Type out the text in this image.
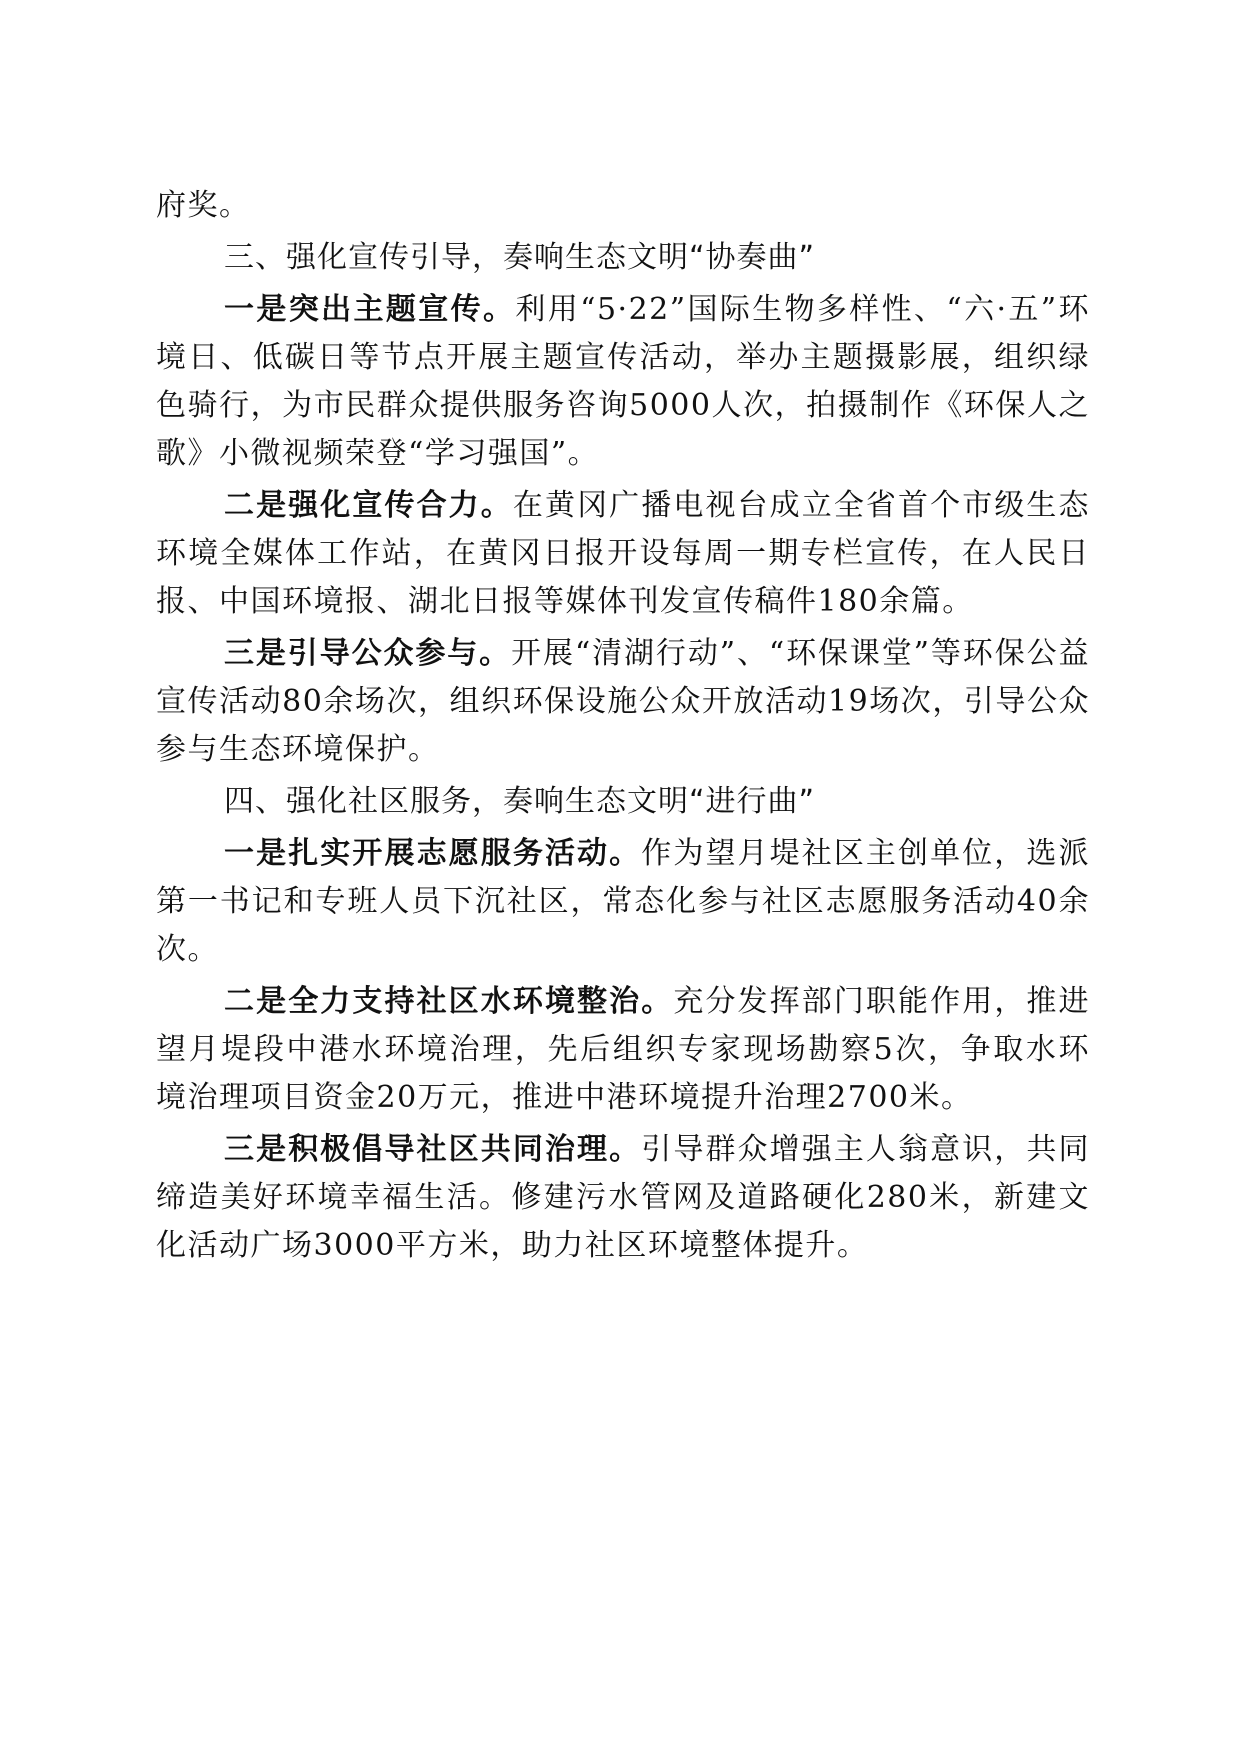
府奖。

三、强化宣传引导，奏响生态文明“协奏曲”

一是突出主题宣传。利用“5·22”国际生物多样性、“六·五”环境日、低碳日等节点开展主题宣传活动，举办主题摄影展，组织绿色骑行，为市民群众提供服务咨询5000人次，拍摄制作《环保人之歌》小微视频荣登“学习强国”。

二是强化宣传合力。在黄冈广播电视台成立全省首个市级生态环境全媒体工作站，在黄冈日报开设每周一期专栏宣传，在人民日报、中国环境报、湖北日报等媒体刊发宣传稿件180余篇。

三是引导公众参与。开展“清湖行动”、“环保课堂”等环保公益宣传活动80余场次，组织环保设施公众开放活动19场次，引导公众参与生态环境保护。

四、强化社区服务，奏响生态文明“进行曲”

一是扎实开展志愿服务活动。作为望月堤社区主创单位，选派第一书记和专班人员下沉社区，常态化参与社区志愿服务活动40余次。

二是全力支持社区水环境整治。充分发挥部门职能作用，推进望月堤段中港水环境治理，先后组织专家现场勘察5次，争取水环境治理项目资金20万元，推进中港环境提升治理2700米。

三是积极倡导社区共同治理。引导群众增强主人翁意识，共同缔造美好环境幸福生活。修建污水管网及道路硬化280米，新建文化活动广场3000平方米，助力社区环境整体提升。
